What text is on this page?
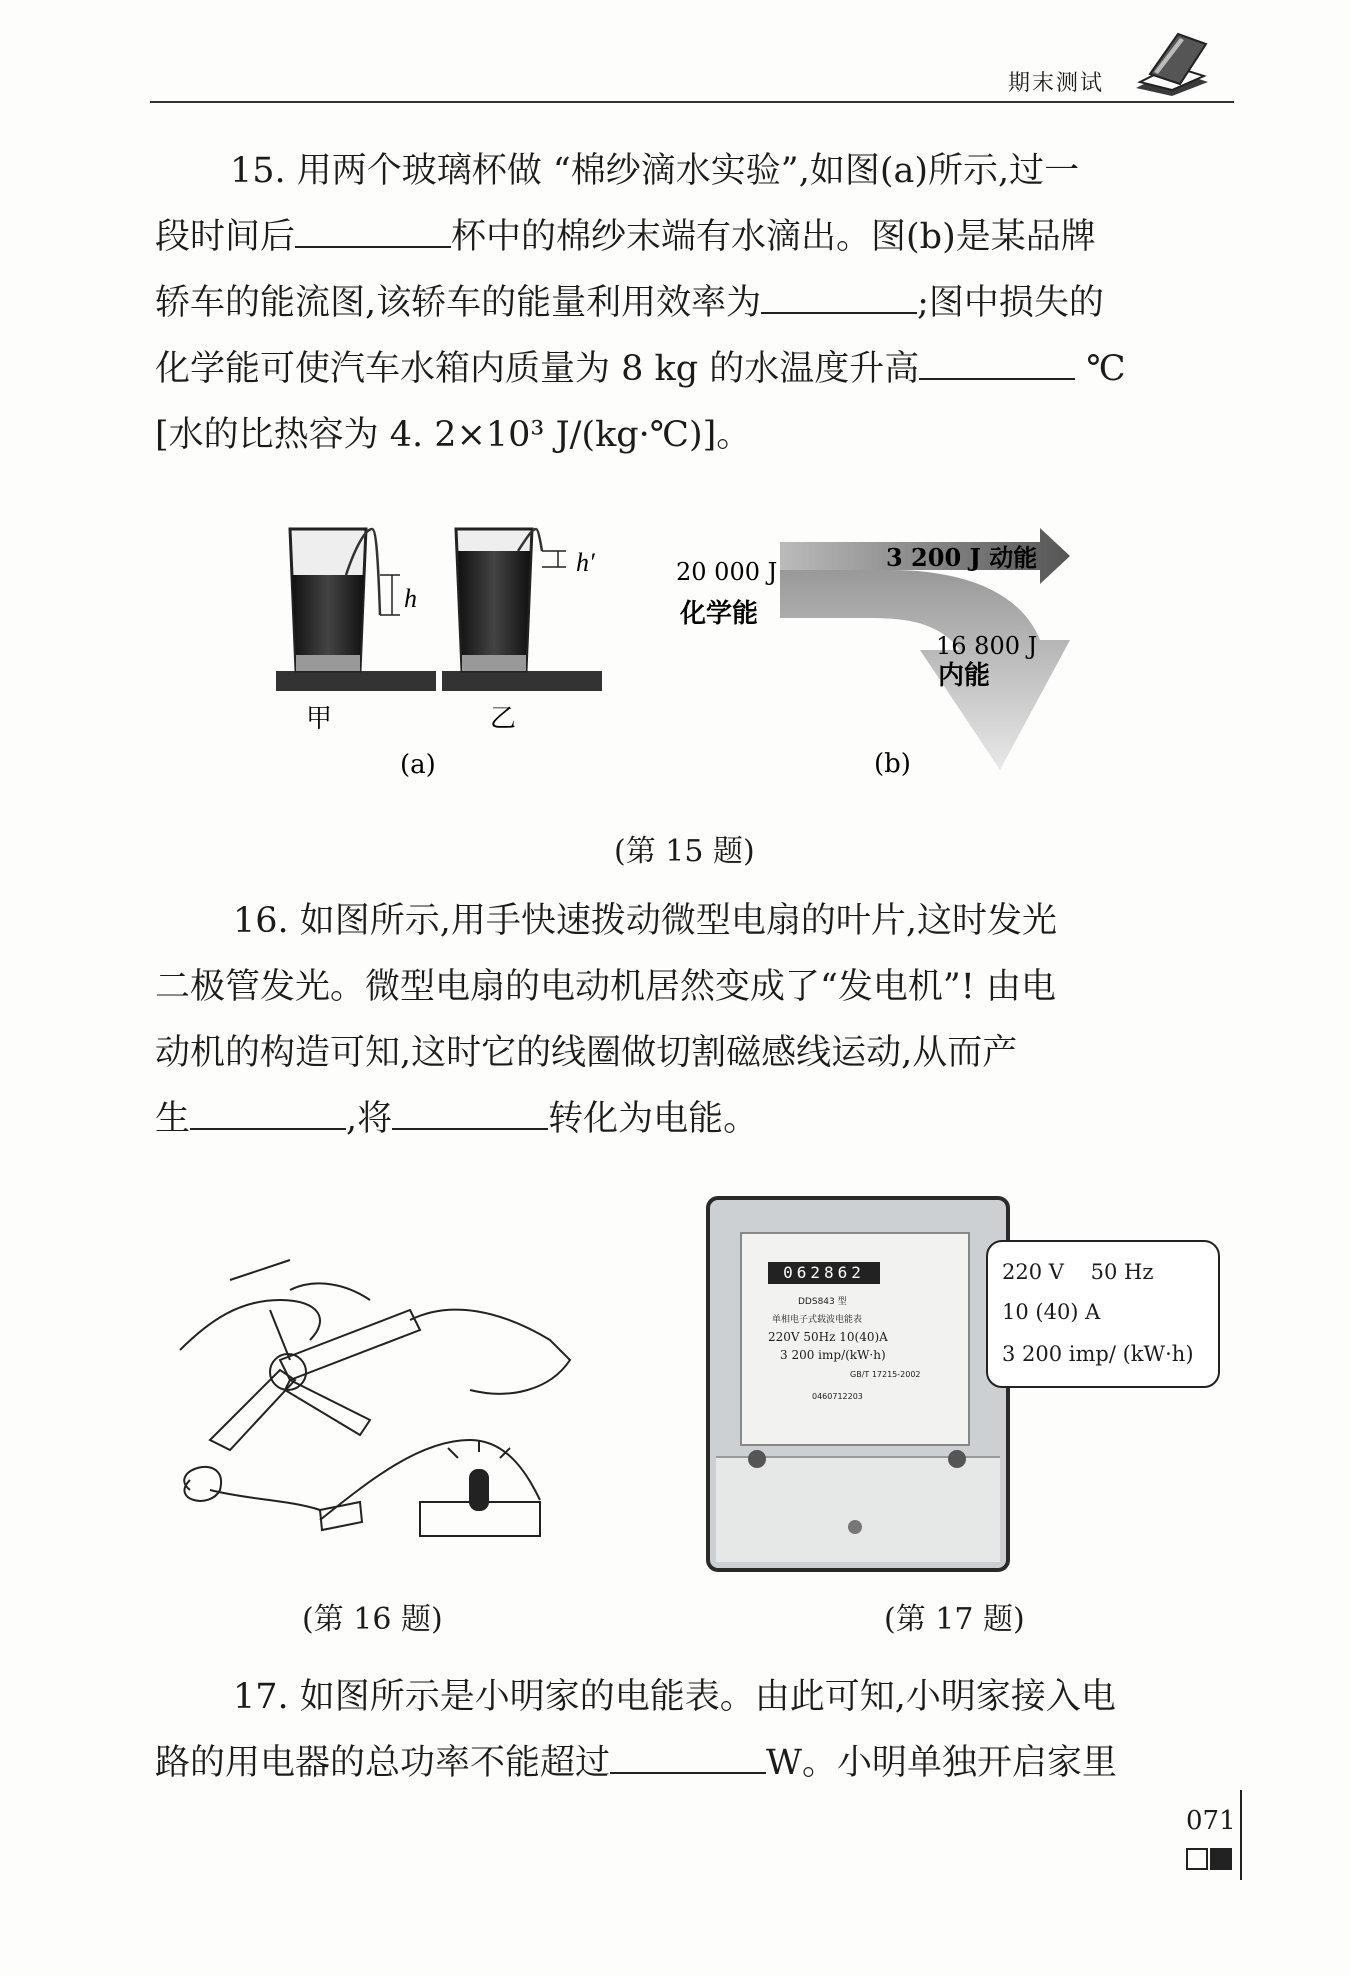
期末测试

15. 用两个玻璃杯做 “棉纱滴水实验”,如图(a)所示,过一

段时间后	杯中的棉纱末端有水滴出。图(b)是某品牌

轿车的能流图,该轿车的能量利用效率为	;图中损失的

化学能可使汽车水箱内质量为 8 kg 的水温度升高	℃

[水的比热容为 4. 2×10³ J/(kg·℃)]。

h
h′
甲	乙
(a)
20 000 J
化学能
3 200 J 动能
16 800 J
内能
(b)
(第 15 题)

16. 如图所示,用手快速拨动微型电扇的叶片,这时发光

二极管发光。微型电扇的电动机居然变成了“发电机”! 由电

动机的构造可知,这时它的线圈做切割磁感线运动,从而产

生	,将	转化为电能。

(第 16 题)
062862
DDS843 型
单相电子式载波电能表
220V 50Hz 10(40)A
3 200 imp/(kW·h)
GB/T 17215-2002
0460712203
220 V    50 Hz
10 (40) A
3 200 imp/ (kW·h)
(第 17 题)

17. 如图所示是小明家的电能表。由此可知,小明家接入电

路的用电器的总功率不能超过	W。小明单独开启家里

071
